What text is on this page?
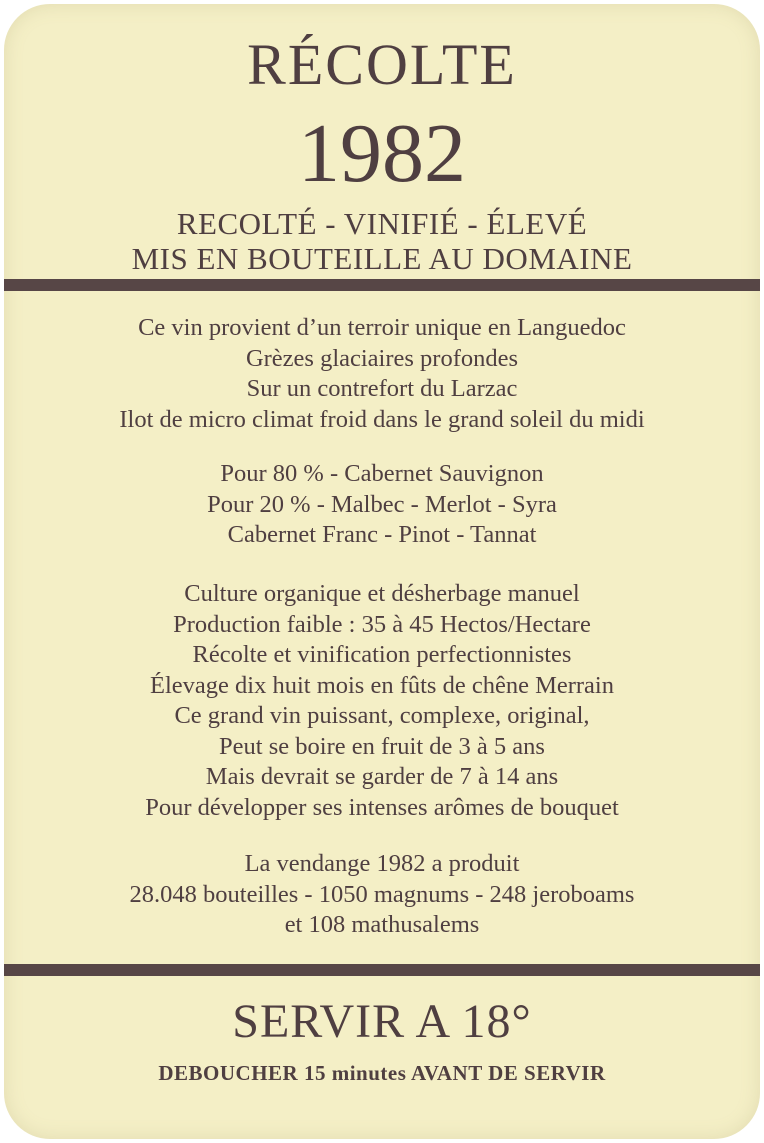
RÉCOLTE
1982
RECOLTÉ - VINIFIÉ - ÉLEVÉ
MIS EN BOUTEILLE AU DOMAINE
Ce vin provient d’un terroir unique en Languedoc
Grèzes glaciaires profondes
Sur un contrefort du Larzac
Ilot de micro climat froid dans le grand soleil du midi
Pour 80 % - Cabernet Sauvignon
Pour 20 % - Malbec - Merlot - Syra
Cabernet Franc - Pinot - Tannat
Culture organique et désherbage manuel
Production faible : 35 à 45 Hectos/Hectare
Récolte et vinification perfectionnistes
Élevage dix huit mois en fûts de chêne Merrain
Ce grand vin puissant, complexe, original,
Peut se boire en fruit de 3 à 5 ans
Mais devrait se garder de 7 à 14 ans
Pour développer ses intenses arômes de bouquet
La vendange 1982 a produit
28.048 bouteilles - 1050 magnums - 248 jeroboams
et 108 mathusalems
SERVIR A 18°
DEBOUCHER 15 minutes AVANT DE SERVIR
